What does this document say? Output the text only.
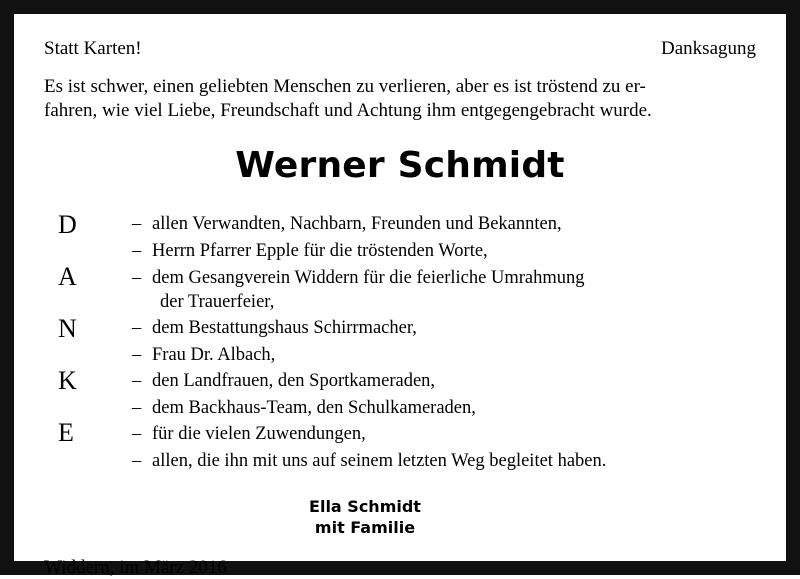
Statt Karten!	Danksagung
Es ist schwer, einen geliebten Menschen zu verlieren, aber es ist tröstend zu er-
fahren, wie viel Liebe, Freundschaft und Achtung ihm entgegengebracht wurde.
Werner Schmidt
D
A
N
K
E
– allen Verwandten, Nachbarn, Freunden und Bekannten,
– Herrn Pfarrer Epple für die tröstenden Worte,
– dem Gesangverein Widdern für die feierliche Umrahmung
der Trauerfeier,
– dem Bestattungshaus Schirrmacher,
– Frau Dr. Albach,
– den Landfrauen, den Sportkameraden,
– dem Backhaus-Team, den Schulkameraden,
– für die vielen Zuwendungen,
– allen, die ihn mit uns auf seinem letzten Weg begleitet haben.
Ella Schmidt
mit Familie
Widdern, im März 2016
